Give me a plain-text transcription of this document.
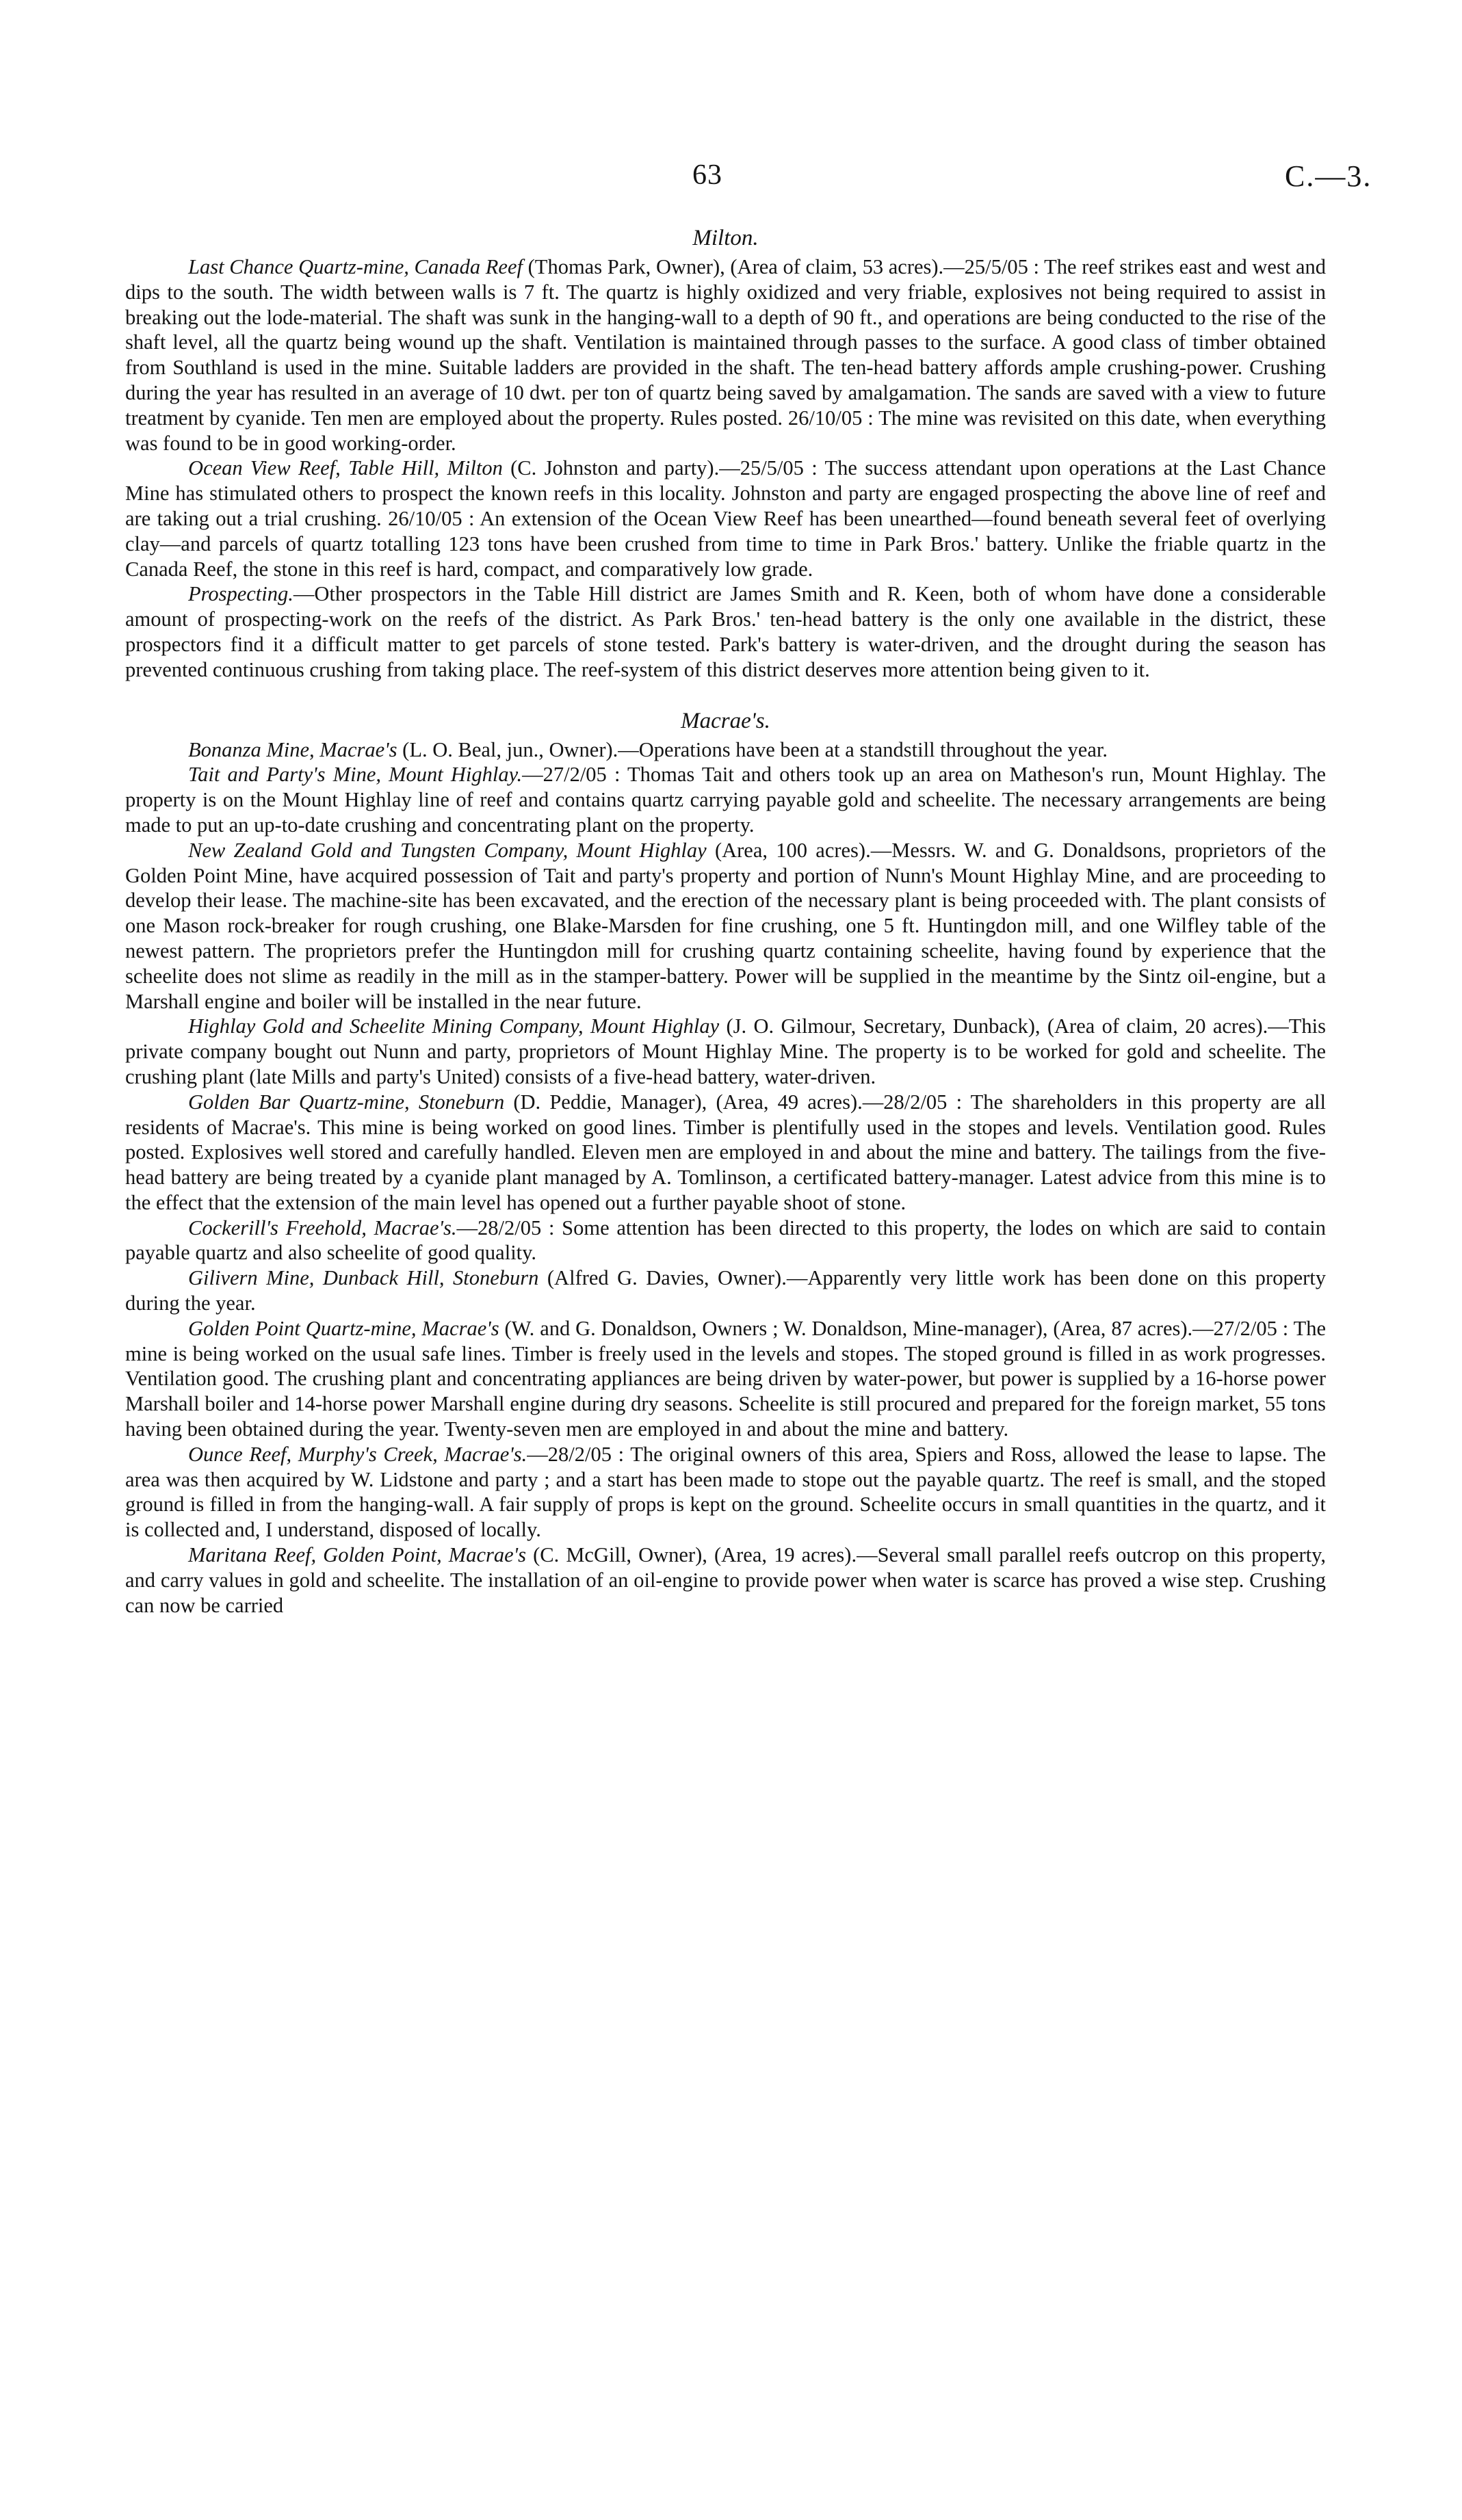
63	C.—3.
Milton.

Last Chance Quartz-mine, Canada Reef (Thomas Park, Owner), (Area of claim, 53 acres).—25/5/05 : The reef strikes east and west and dips to the south. The width between walls is 7 ft. The quartz is highly oxidized and very friable, explosives not being required to assist in breaking out the lode-material. The shaft was sunk in the hanging-wall to a depth of 90 ft., and operations are being conducted to the rise of the shaft level, all the quartz being wound up the shaft. Ventilation is maintained through passes to the surface. A good class of timber obtained from Southland is used in the mine. Suitable ladders are provided in the shaft. The ten-head battery affords ample crushing-power. Crushing during the year has resulted in an average of 10 dwt. per ton of quartz being saved by amalgamation. The sands are saved with a view to future treatment by cyanide. Ten men are employed about the property. Rules posted. 26/10/05 : The mine was revisited on this date, when everything was found to be in good working-order.

Ocean View Reef, Table Hill, Milton (C. Johnston and party).—25/5/05 : The success attendant upon operations at the Last Chance Mine has stimulated others to prospect the known reefs in this locality. Johnston and party are engaged prospecting the above line of reef and are taking out a trial crushing. 26/10/05 : An extension of the Ocean View Reef has been unearthed—found beneath several feet of overlying clay—and parcels of quartz totalling 123 tons have been crushed from time to time in Park Bros.' battery. Unlike the friable quartz in the Canada Reef, the stone in this reef is hard, compact, and comparatively low grade.

Prospecting.—Other prospectors in the Table Hill district are James Smith and R. Keen, both of whom have done a considerable amount of prospecting-work on the reefs of the district. As Park Bros.' ten-head battery is the only one available in the district, these prospectors find it a difficult matter to get parcels of stone tested. Park's battery is water-driven, and the drought during the season has prevented continuous crushing from taking place. The reef-system of this district deserves more attention being given to it.

Macrae's.

Bonanza Mine, Macrae's (L. O. Beal, jun., Owner).—Operations have been at a standstill throughout the year.

Tait and Party's Mine, Mount Highlay.—27/2/05 : Thomas Tait and others took up an area on Matheson's run, Mount Highlay. The property is on the Mount Highlay line of reef and contains quartz carrying payable gold and scheelite. The necessary arrangements are being made to put an up-to-date crushing and concentrating plant on the property.

New Zealand Gold and Tungsten Company, Mount Highlay (Area, 100 acres).—Messrs. W. and G. Donaldsons, proprietors of the Golden Point Mine, have acquired possession of Tait and party's property and portion of Nunn's Mount Highlay Mine, and are proceeding to develop their lease. The machine-site has been excavated, and the erection of the necessary plant is being proceeded with. The plant consists of one Mason rock-breaker for rough crushing, one Blake-Marsden for fine crushing, one 5 ft. Huntingdon mill, and one Wilfley table of the newest pattern. The proprietors prefer the Huntingdon mill for crushing quartz containing scheelite, having found by experience that the scheelite does not slime as readily in the mill as in the stamper-battery. Power will be supplied in the meantime by the Sintz oil-engine, but a Marshall engine and boiler will be installed in the near future.

Highlay Gold and Scheelite Mining Company, Mount Highlay (J. O. Gilmour, Secretary, Dunback), (Area of claim, 20 acres).—This private company bought out Nunn and party, proprietors of Mount Highlay Mine. The property is to be worked for gold and scheelite. The crushing plant (late Mills and party's United) consists of a five-head battery, water-driven.

Golden Bar Quartz-mine, Stoneburn (D. Peddie, Manager), (Area, 49 acres).—28/2/05 : The shareholders in this property are all residents of Macrae's. This mine is being worked on good lines. Timber is plentifully used in the stopes and levels. Ventilation good. Rules posted. Explosives well stored and carefully handled. Eleven men are employed in and about the mine and battery. The tailings from the five-head battery are being treated by a cyanide plant managed by A. Tomlinson, a certificated battery-manager. Latest advice from this mine is to the effect that the extension of the main level has opened out a further payable shoot of stone.

Cockerill's Freehold, Macrae's.—28/2/05 : Some attention has been directed to this property, the lodes on which are said to contain payable quartz and also scheelite of good quality.

Gilivern Mine, Dunback Hill, Stoneburn (Alfred G. Davies, Owner).—Apparently very little work has been done on this property during the year.

Golden Point Quartz-mine, Macrae's (W. and G. Donaldson, Owners ; W. Donaldson, Mine-manager), (Area, 87 acres).—27/2/05 : The mine is being worked on the usual safe lines. Timber is freely used in the levels and stopes. The stoped ground is filled in as work progresses. Ventilation good. The crushing plant and concentrating appliances are being driven by water-power, but power is supplied by a 16-horse power Marshall boiler and 14-horse power Marshall engine during dry seasons. Scheelite is still procured and prepared for the foreign market, 55 tons having been obtained during the year. Twenty-seven men are employed in and about the mine and battery.

Ounce Reef, Murphy's Creek, Macrae's.—28/2/05 : The original owners of this area, Spiers and Ross, allowed the lease to lapse. The area was then acquired by W. Lidstone and party ; and a start has been made to stope out the payable quartz. The reef is small, and the stoped ground is filled in from the hanging-wall. A fair supply of props is kept on the ground. Scheelite occurs in small quantities in the quartz, and it is collected and, I understand, disposed of locally.

Maritana Reef, Golden Point, Macrae's (C. McGill, Owner), (Area, 19 acres).—Several small parallel reefs outcrop on this property, and carry values in gold and scheelite. The installation of an oil-engine to provide power when water is scarce has proved a wise step. Crushing can now be carried
